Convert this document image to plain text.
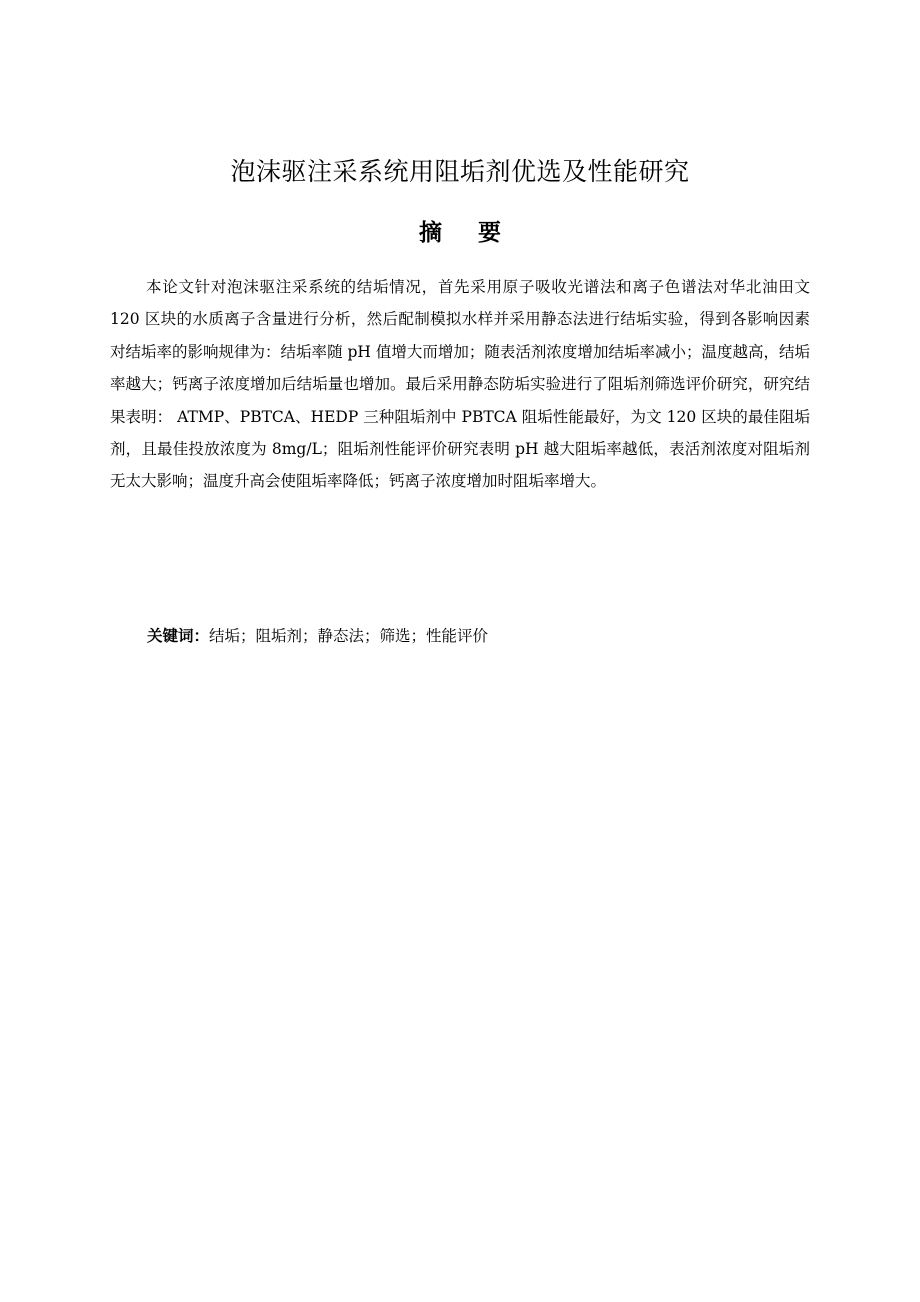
泡沫驱注采系统用阻垢剂优选及性能研究
摘 要

本论文针对泡沫驱注采系统的结垢情况，首先采用原子吸收光谱法和离子色谱法对华北油田文 120 区块的水质离子含量进行分析，然后配制模拟水样并采用静态法进行结垢实验，得到各影响因素对结垢率的影响规律为：结垢率随 pH 值增大而增加；随表活剂浓度增加结垢率减小；温度越高，结垢率越大；钙离子浓度增加后结垢量也增加。最后采用静态防垢实验进行了阻垢剂筛选评价研究，研究结果表明： ATMP、PBTCA、HEDP 三种阻垢剂中 PBTCA 阻垢性能最好，为文 120 区块的最佳阻垢剂，且最佳投放浓度为 8mg/L；阻垢剂性能评价研究表明 pH 越大阻垢率越低，表活剂浓度对阻垢剂无太大影响；温度升高会使阻垢率降低；钙离子浓度增加时阻垢率增大。

关键词：结垢；阻垢剂；静态法；筛选；性能评价
